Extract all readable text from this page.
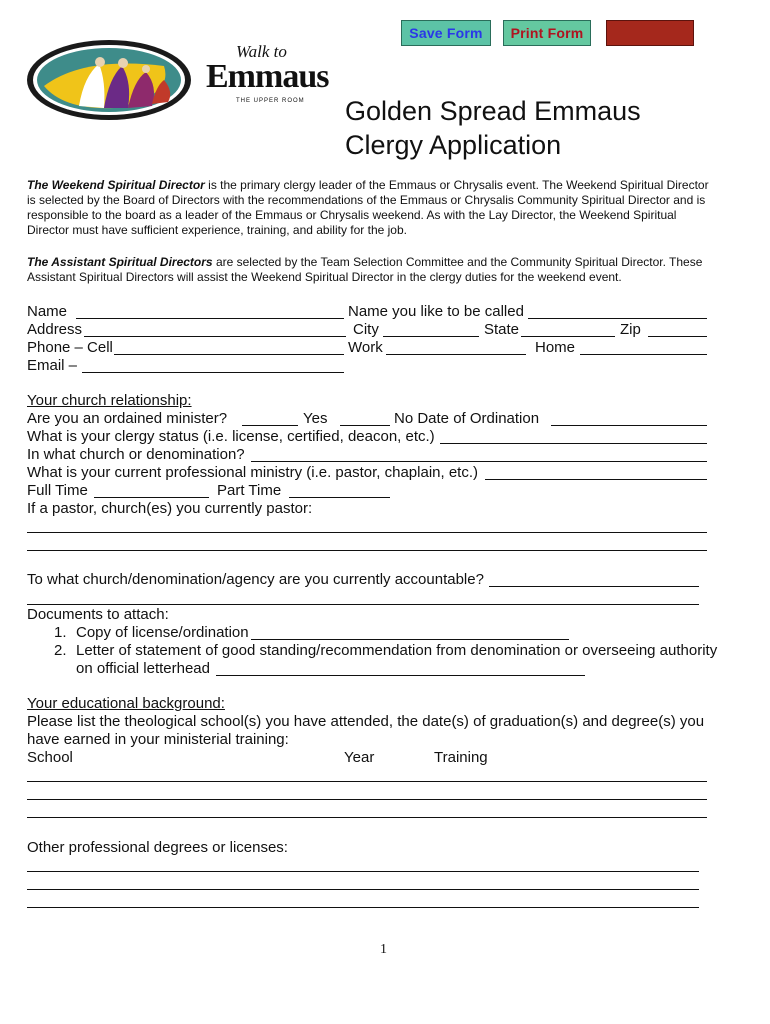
Save Form Print Form
Walk to
Emmaus
THE UPPER ROOM Golden Spread Emmaus
Clergy Application
The Weekend Spiritual Director is the primary clergy leader of the Emmaus or Chrysalis event. The Weekend Spiritual Director is selected by the Board of Directors with the recommendations of the Emmaus or Chrysalis Community Spiritual Director and is responsible to the board as a leader of the Emmaus or Chrysalis weekend. As with the Lay Director, the Weekend Spiritual Director must have sufficient experience, training, and ability for the job.
The Assistant Spiritual Directors are selected by the Team Selection Committee and the Community Spiritual Director. These Assistant Spiritual Directors will assist the Weekend Spiritual Director in the clergy duties for the weekend event.
Name	Name you like to be called
Address	City	State	Zip
Phone – Cell	Work	Home
Email –
Your church relationship:
Are you an ordained minister?	Yes	No Date of Ordination
What is your clergy status (i.e. license, certified, deacon, etc.)
In what church or denomination?
What is your current professional ministry (i.e. pastor, chaplain, etc.)
Full Time	Part Time
If a pastor, church(es) you currently pastor:
To what church/denomination/agency are you currently accountable?
Documents to attach:
1. Copy of license/ordination
2. Letter of statement of good standing/recommendation from denomination or overseeing authority
on official letterhead
Your educational background:
Please list the theological school(s) you have attended, the date(s) of graduation(s) and degree(s) you
have earned in your ministerial training:
School	Year	Training
Other professional degrees or licenses:
1
